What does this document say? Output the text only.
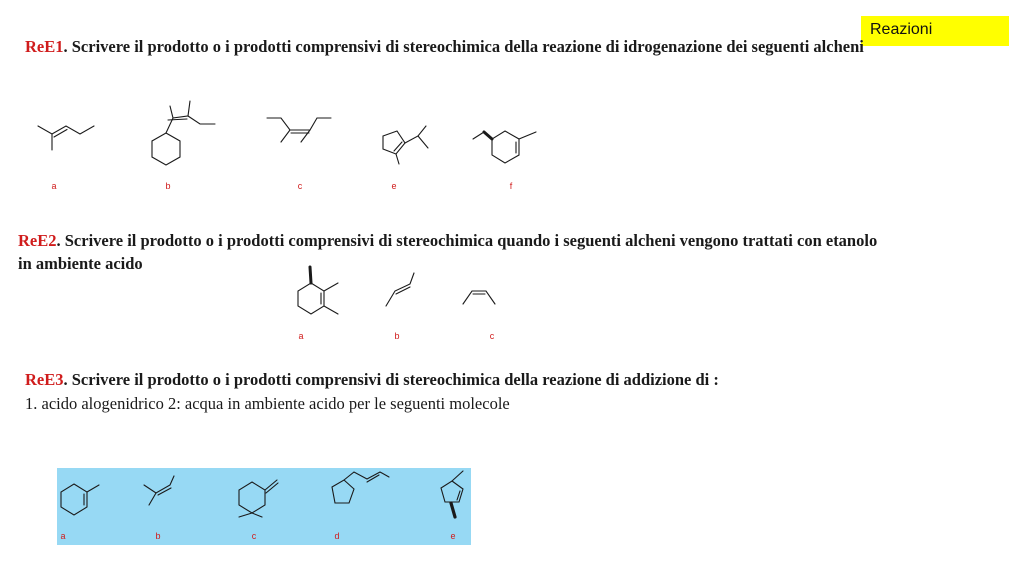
Reazioni
ReE1. Scrivere il prodotto o i prodotti comprensivi di stereochimica della reazione di idrogenazione dei seguenti alcheni
a	b	c	e	f
ReE2. Scrivere il prodotto o i prodotti comprensivi di stereochimica quando i seguenti alcheni vengono trattati con etanolo in ambiente acido
a	b	c
ReE3. Scrivere il prodotto o i prodotti comprensivi di stereochimica della reazione di addizione di :
1. acido alogenidrico 2: acqua in ambiente acido per le seguenti molecole
a	b	c	d	e
